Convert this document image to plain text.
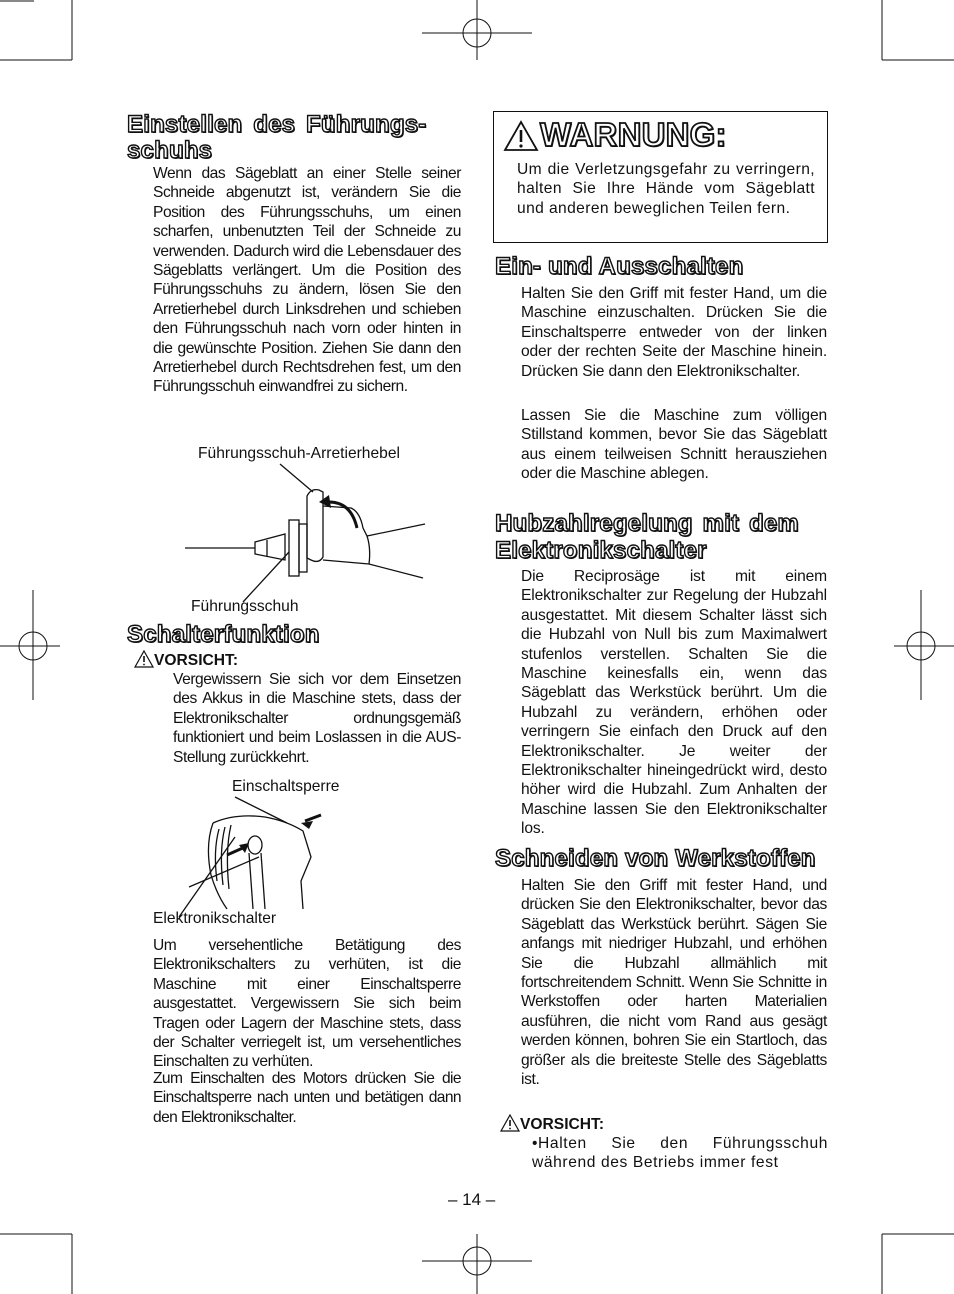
Einstellen des Führungs-
schuhs
Wenn das Sägeblatt an einer Stelle seiner Schneide abgenutzt ist, verändern Sie die Position des Führungsschuhs, um einen scharfen, unbenutzten Teil der Schneide zu verwenden. Dadurch wird die Lebensdauer des Sägeblatts verlängert. Um die Position des Führungsschuhs zu ändern, lösen Sie den Arretierhebel durch Linksdrehen und schieben den Führungsschuh nach vorn oder hinten in die gewünschte Position. Ziehen Sie dann den Arretierhebel durch Rechtsdrehen fest, um den Führungsschuh einwandfrei zu sichern.
Führungsschuh-Arretierhebel
Führungsschuh
Schalterfunktion
VORSICHT:
Vergewissern Sie sich vor dem Einsetzen des Akkus in die Maschine stets, dass der Elektronikschalter ordnungsgemäß funktioniert und beim Loslassen in die AUS-Stellung zurückkehrt.
Einschaltsperre
Elektronikschalter
Um versehentliche Betätigung des Elektronikschalters zu verhüten, ist die Maschine mit einer Einschaltsperre ausgestattet. Vergewissern Sie sich beim Tragen oder Lagern der Maschine stets, dass der Schalter verriegelt ist, um versehentliches Einschalten zu verhüten.
Zum Einschalten des Motors drücken Sie die Einschaltsperre nach unten und betätigen dann den Elektronikschalter.
WARNUNG:
Um die Verletzungsgefahr zu verringern, halten Sie Ihre Hände vom Sägeblatt und anderen beweglichen Teilen fern.
Ein- und Ausschalten
Halten Sie den Griff mit fester Hand, um die Maschine einzuschalten. Drücken Sie die Einschaltsperre entweder von der linken oder der rechten Seite der Maschine hinein. Drücken Sie dann den Elektronikschalter.
Lassen Sie die Maschine zum völligen Stillstand kommen, bevor Sie das Sägeblatt aus einem teilweisen Schnitt herausziehen oder die Maschine ablegen.
Hubzahlregelung mit dem
Elektronikschalter
Die Reciprosäge ist mit einem Elektronikschalter zur Regelung der Hubzahl ausgestattet. Mit diesem Schalter lässt sich die Hubzahl von Null bis zum Maximalwert stufenlos verstellen. Schalten Sie die Maschine keinesfalls ein, wenn das Sägeblatt das Werkstück berührt. Um die Hubzahl zu verändern, erhöhen oder verringern Sie einfach den Druck auf den Elektronikschalter. Je weiter der Elektronikschalter hineingedrückt wird, desto höher wird die Hubzahl. Zum Anhalten der Maschine lassen Sie den Elektronikschalter los.
Schneiden von Werkstoffen
Halten Sie den Griff mit fester Hand, und drücken Sie den Elektronikschalter, bevor das Sägeblatt das Werkstück berührt. Sägen Sie anfangs mit niedriger Hubzahl, und erhöhen Sie die Hubzahl allmählich mit fortschreitendem Schnitt. Wenn Sie Schnitte in Werkstoffen oder harten Materialien ausführen, die nicht vom Rand aus gesägt werden können, bohren Sie ein Startloch, das größer als die breiteste Stelle des Sägeblatts ist.
VORSICHT:
•Halten Sie den Führungsschuh während des Betriebs immer fest
– 14 –
